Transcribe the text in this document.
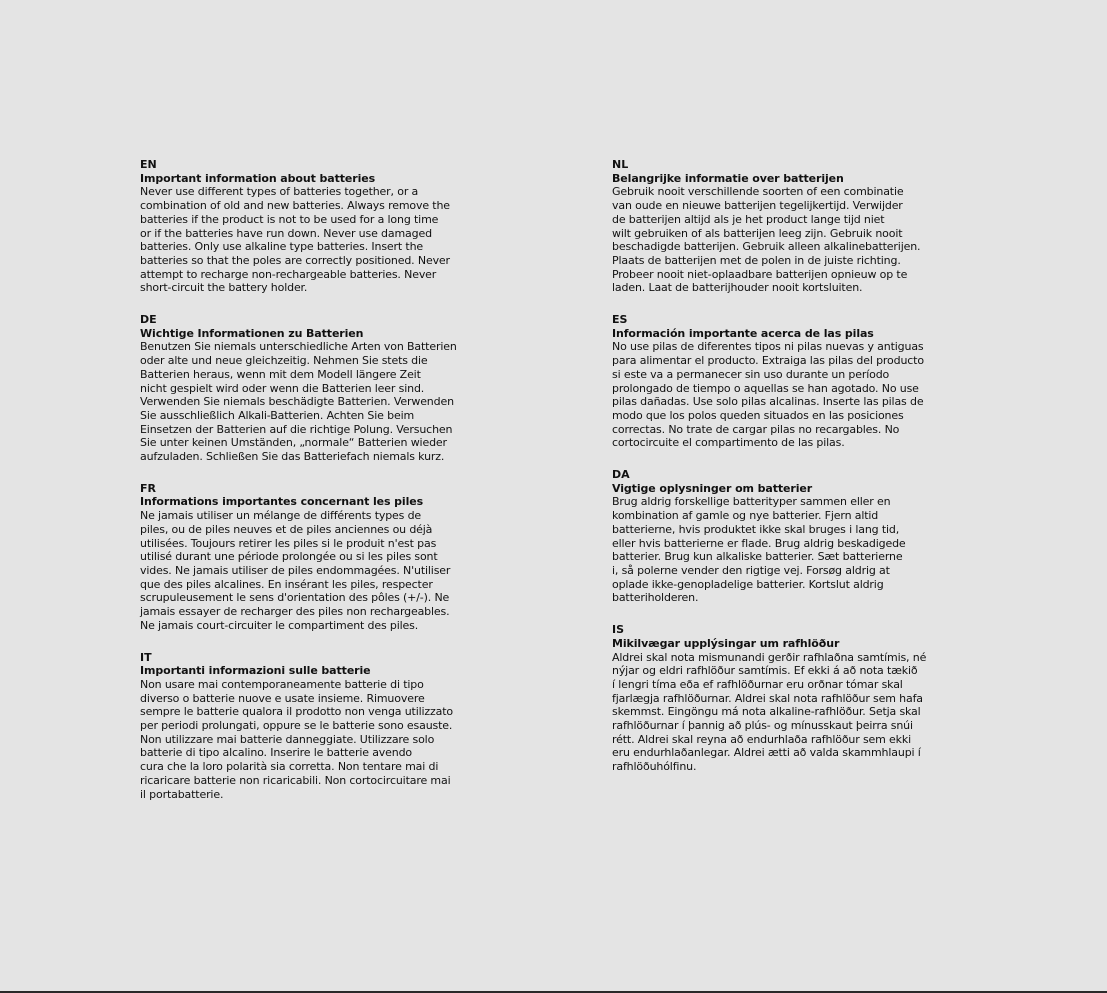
EN
Important information about batteries
Never use different types of batteries together, or a
combination of old and new batteries. Always remove the
batteries if the product is not to be used for a long time
or if the batteries have run down. Never use damaged
batteries. Only use alkaline type batteries. Insert the
batteries so that the poles are correctly positioned. Never
attempt to recharge non-rechargeable batteries. Never
short-circuit the battery holder.
DE
Wichtige Informationen zu Batterien
Benutzen Sie niemals unterschiedliche Arten von Batterien
oder alte und neue gleichzeitig. Nehmen Sie stets die
Batterien heraus, wenn mit dem Modell längere Zeit
nicht gespielt wird oder wenn die Batterien leer sind.
Verwenden Sie niemals beschädigte Batterien. Verwenden
Sie ausschließlich Alkali-Batterien. Achten Sie beim
Einsetzen der Batterien auf die richtige Polung. Versuchen
Sie unter keinen Umständen, „normale“ Batterien wieder
aufzuladen. Schließen Sie das Batteriefach niemals kurz.
FR
Informations importantes concernant les piles
Ne jamais utiliser un mélange de différents types de
piles, ou de piles neuves et de piles anciennes ou déjà
utilisées. Toujours retirer les piles si le produit n'est pas
utilisé durant une période prolongée ou si les piles sont
vides. Ne jamais utiliser de piles endommagées. N'utiliser
que des piles alcalines. En insérant les piles, respecter
scrupuleusement le sens d'orientation des pôles (+/-). Ne
jamais essayer de recharger des piles non rechargeables.
Ne jamais court-circuiter le compartiment des piles.
IT
Importanti informazioni sulle batterie
Non usare mai contemporaneamente batterie di tipo
diverso o batterie nuove e usate insieme. Rimuovere
sempre le batterie qualora il prodotto non venga utilizzato
per periodi prolungati, oppure se le batterie sono esauste.
Non utilizzare mai batterie danneggiate. Utilizzare solo
batterie di tipo alcalino. Inserire le batterie avendo
cura che la loro polarità sia corretta. Non tentare mai di
ricaricare batterie non ricaricabili. Non cortocircuitare mai
il portabatterie.
NL
Belangrijke informatie over batterijen
Gebruik nooit verschillende soorten of een combinatie
van oude en nieuwe batterijen tegelijkertijd. Verwijder
de batterijen altijd als je het product lange tijd niet
wilt gebruiken of als batterijen leeg zijn. Gebruik nooit
beschadigde batterijen. Gebruik alleen alkalinebatterijen.
Plaats de batterijen met de polen in de juiste richting.
Probeer nooit niet-oplaadbare batterijen opnieuw op te
laden. Laat de batterijhouder nooit kortsluiten.
ES
Información importante acerca de las pilas
No use pilas de diferentes tipos ni pilas nuevas y antiguas
para alimentar el producto. Extraiga las pilas del producto
si este va a permanecer sin uso durante un período
prolongado de tiempo o aquellas se han agotado. No use
pilas dañadas. Use solo pilas alcalinas. Inserte las pilas de
modo que los polos queden situados en las posiciones
correctas. No trate de cargar pilas no recargables. No
cortocircuite el compartimento de las pilas.
DA
Vigtige oplysninger om batterier
Brug aldrig forskellige batterityper sammen eller en
kombination af gamle og nye batterier. Fjern altid
batterierne, hvis produktet ikke skal bruges i lang tid,
eller hvis batterierne er flade. Brug aldrig beskadigede
batterier. Brug kun alkaliske batterier. Sæt batterierne
i, så polerne vender den rigtige vej. Forsøg aldrig at
oplade ikke-genopladelige batterier. Kortslut aldrig
batteriholderen.
IS
Mikilvægar upplýsingar um rafhlöður
Aldrei skal nota mismunandi gerðir rafhlaðna samtímis, né
nýjar og eldri rafhlöður samtímis. Ef ekki á að nota tækið
í lengri tíma eða ef rafhlöðurnar eru orðnar tómar skal
fjarlægja rafhlöðurnar. Aldrei skal nota rafhlöður sem hafa
skemmst. Eingöngu má nota alkaline-rafhlöður. Setja skal
rafhlöðurnar í þannig að plús- og mínusskaut þeirra snúi
rétt. Aldrei skal reyna að endurhlaða rafhlöður sem ekki
eru endurhlaðanlegar. Aldrei ætti að valda skammhlaupi í
rafhlöðuhólfinu.
